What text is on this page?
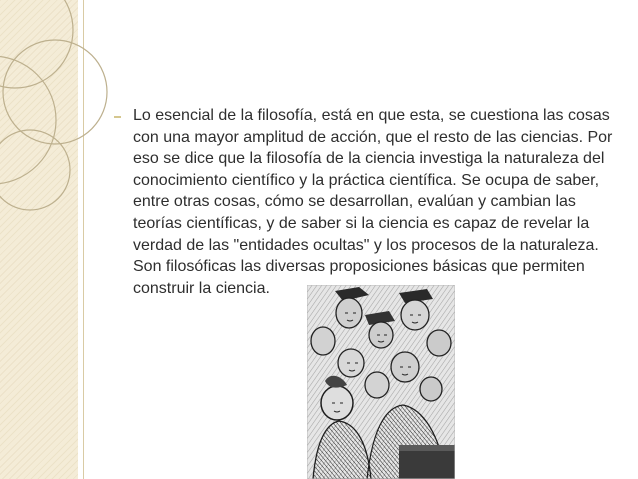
Lo esencial de la filosofía, está en que esta, se cuestiona las cosas con una mayor amplitud de acción, que el resto de las ciencias. Por eso se dice que la filosofía de la ciencia investiga la naturaleza del conocimiento científico y la práctica científica. Se ocupa de saber, entre otras cosas, cómo se desarrollan, evalúan y cambian las teorías científicas, y de saber si la ciencia es capaz de revelar la verdad de las "entidades ocultas" y los procesos de la naturaleza. Son filosóficas las diversas proposiciones básicas que permiten construir la ciencia.
